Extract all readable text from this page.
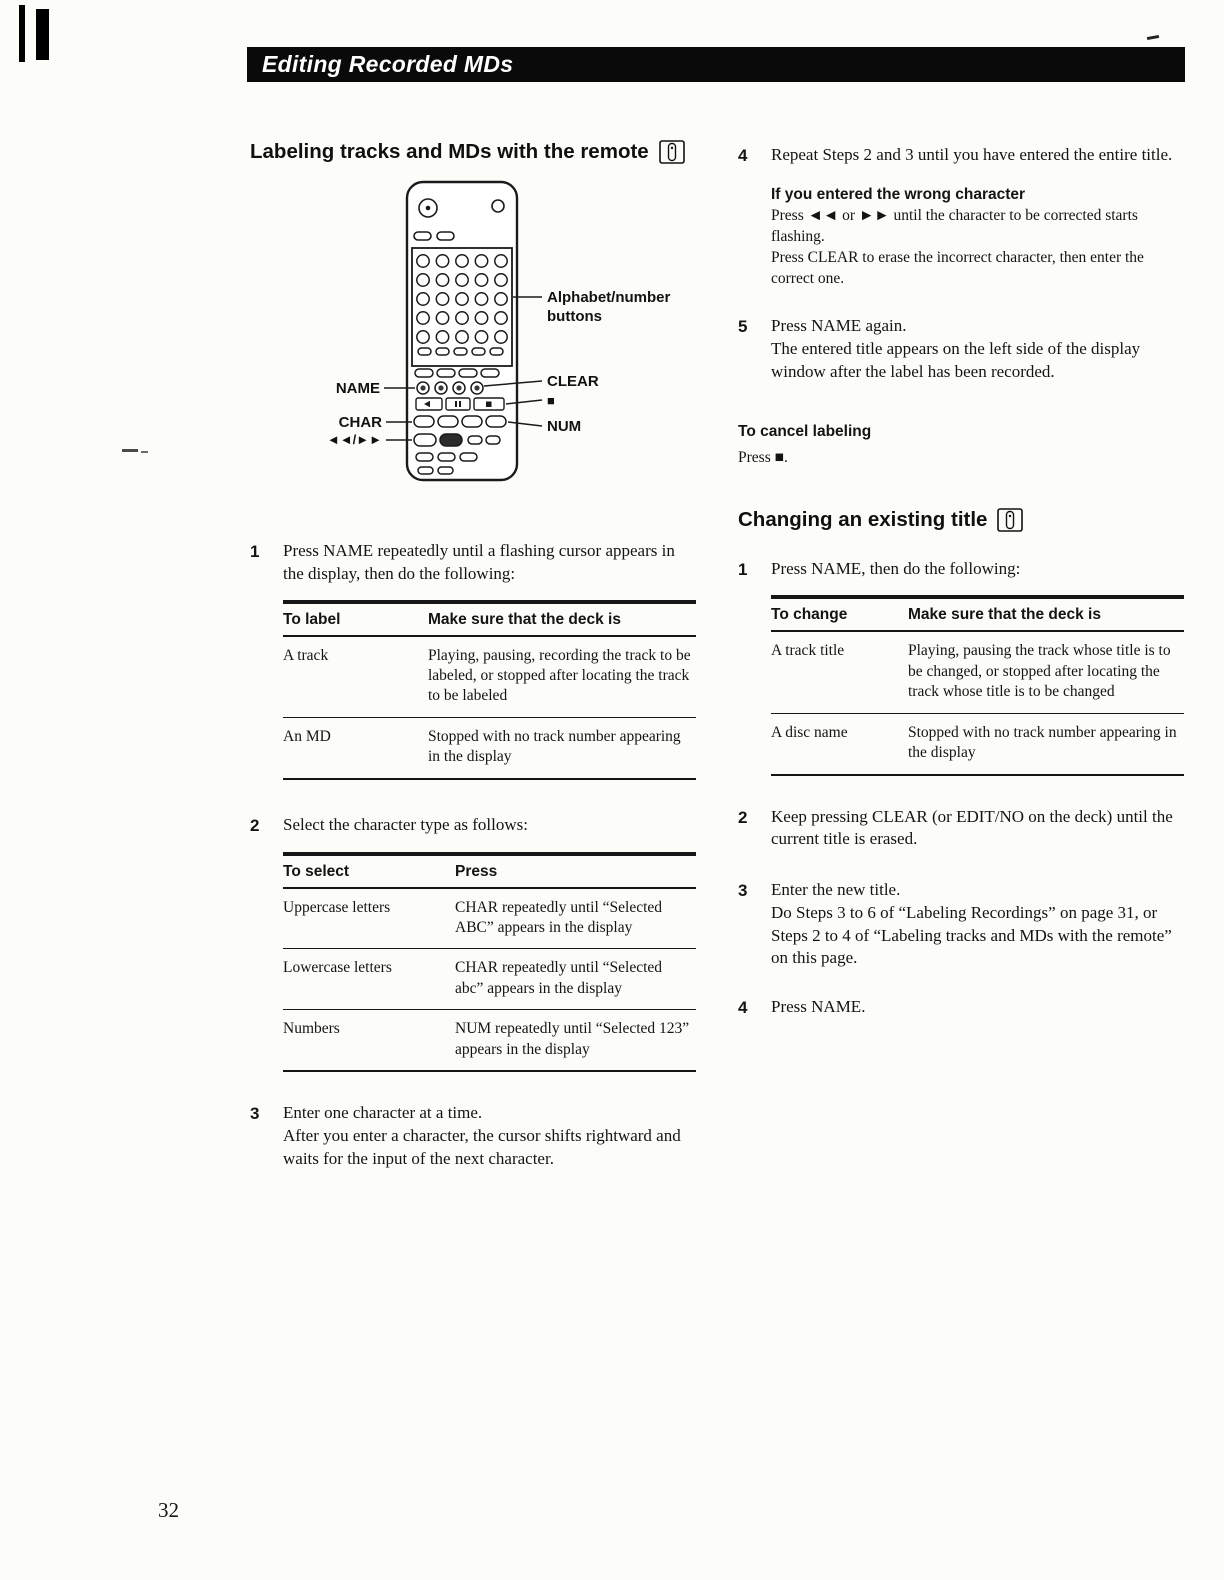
Editing Recorded MDs
Labeling tracks and MDs with the remote
Alphabet/number
buttons
NAME	CLEAR
■
CHAR	NUM
◄◄/►►
1	Press NAME repeatedly until a flashing cursor appears in the display, then do the following:

To label	Make sure that the deck is
A track	Playing, pausing, recording the track to be labeled, or stopped after locating the track to be labeled
An MD	Stopped with no track number appearing in the display
2	Select the character type as follows:

To select	Press
Uppercase letters	CHAR repeatedly until “Selected ABC” appears in the display
Lowercase letters	CHAR repeatedly until “Selected abc” appears in the display
Numbers	NUM repeatedly until “Selected 123” appears in the display
3	Enter one character at a time.

After you enter a character, the cursor shifts rightward and waits for the input of the next character.

4	Repeat Steps 2 and 3 until you have entered the entire title.

If you entered the wrong character

Press ◄◄ or ►► until the character to be corrected starts flashing.

Press CLEAR to erase the incorrect character, then enter the correct one.

5	Press NAME again.

The entered title appears on the left side of the display window after the label has been recorded.

To cancel labeling

Press ■.

Changing an existing title
1	Press NAME, then do the following:

To change	Make sure that the deck is
A track title	Playing, pausing the track whose title is to be changed, or stopped after locating the track whose title is to be changed
A disc name	Stopped with no track number appearing in the display
2	Keep pressing CLEAR (or EDIT/NO on the deck) until the current title is erased.

3	Enter the new title.

Do Steps 3 to 6 of “Labeling Recordings” on page 31, or Steps 2 to 4 of “Labeling tracks and MDs with the remote” on this page.

4	Press NAME.

32
